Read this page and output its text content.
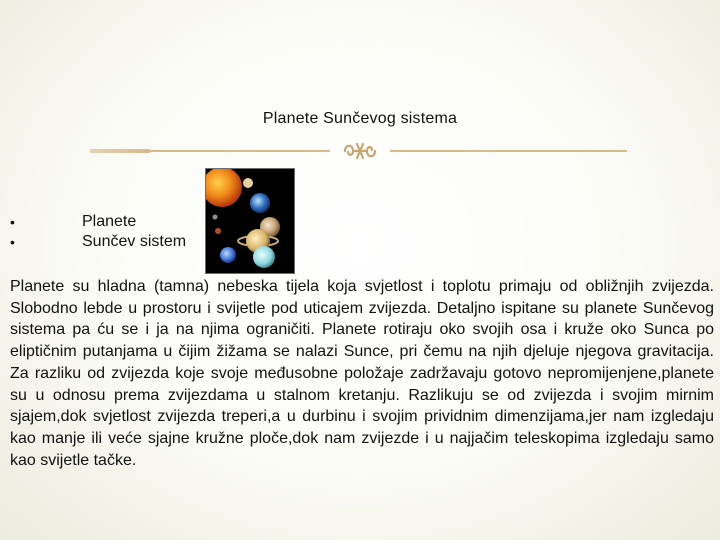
Planete Sunčevog sistema
• Planete
• Sunčev sistem

Planete su hladna (tamna) nebeska tijela koja svjetlost i toplotu primaju od obližnjih zvijezda. Slobodno lebde u prostoru i svijetle pod uticajem zvijezda. Detaljno ispitane su planete Sunčevog sistema pa ću se i ja na njima ograničiti. Planete rotiraju oko svojih osa i kruže oko Sunca po eliptičnim putanjama u čijim žižama se nalazi Sunce, pri čemu na njih djeluje njegova gravitacija. Za razliku od zvijezda koje svoje međusobne položaje zadržavaju gotovo nepromijenjene,planete su u odnosu prema zvijezdama u stalnom kretanju. Razlikuju se od zvijezda i svojim mirnim sjajem,dok svjetlost zvijezda treperi,a u durbinu i svojim prividnim dimenzijama,jer nam izgledaju kao manje ili veće sjajne kružne ploče,dok nam zvijezde i u najjačim teleskopima izgledaju samo kao svijetle tačke.
